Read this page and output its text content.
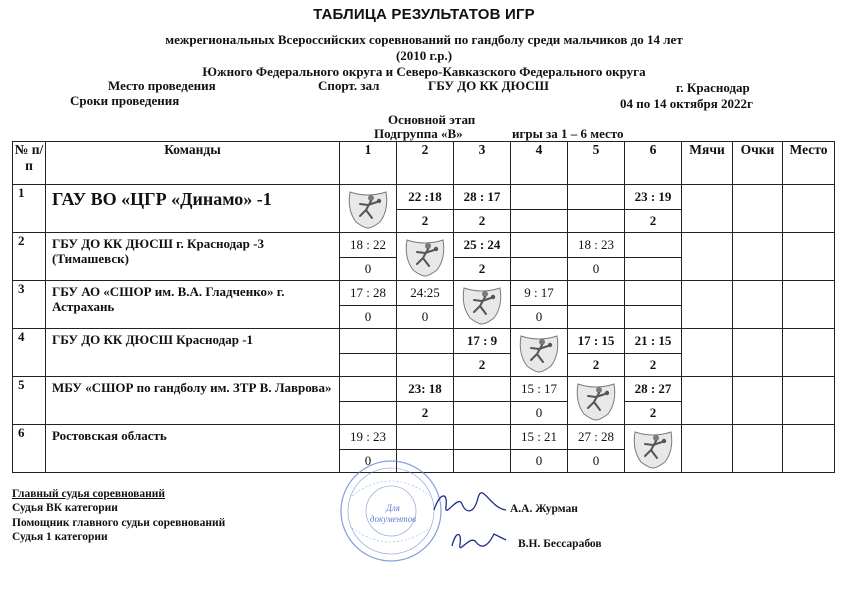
ТАБЛИЦА РЕЗУЛЬТАТОВ ИГР
межрегиональных Всероссийских соревнований по гандболу среди мальчиков до 14 лет
(2010 г.р.)
Южного Федерального округа и Северо-Кавказского Федерального округа
Место проведения	Спорт. зал	ГБУ ДО КК ДЮСШ	г. Краснодар
Сроки проведения	04 по 14 октября 2022г
Основной этап
Подгруппа «В»	игры за 1 – 6 место
№ п/п	Команды	1	2	3	4	5	6	Мячи	Очки	Место
1	ГАУ ВО «ЦГР «Динамо» -1		22 :18	28 : 17			23 : 19			
			2	2			2			
2	ГБУ ДО КК ДЮСШ г. Краснодар -3 (Тимашевск)	18 : 22		25 : 24		18 : 23				
		0		2		0				
3	ГБУ АО «СШОР им. В.А. Гладченко» г. Астрахань	17 : 28	24:25		9 : 17					
		0	0		0					
4	ГБУ ДО КК ДЮСШ Краснодар -1			17 : 9		17 : 15	21 : 15			
				2		2	2			
5	МБУ «СШОР по гандболу им. ЗТР В. Лаврова»		23: 18		15 : 17		28 : 27			
			2		0		2			
6	Ростовская область	19 : 23			15 : 21	27 : 28	

		0			0	0				
Главный судья соревнований
Судья ВК категории
Помощник главного судьи соревнований
Судья 1 категории
А.А. Журман
В.Н. Бессарабов
Для документов
